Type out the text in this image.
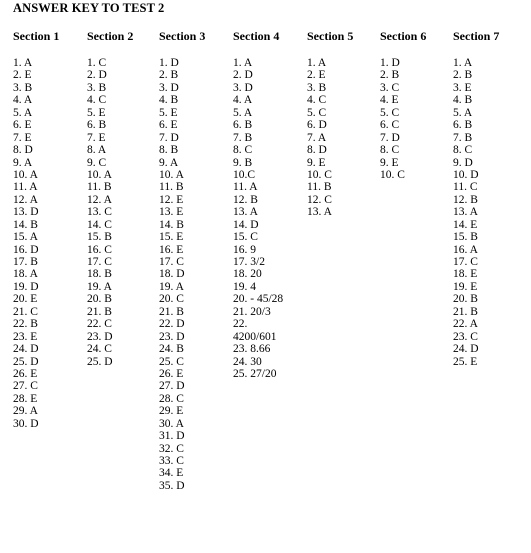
ANSWER KEY TO TEST 2
Section 1
1. A
2. E
3. B
4. A
5. A
6. E
7. E
8. D
9. A
10. A
11. A
12. A
13. D
14. B
15. A
16. D
17. B
18. A
19. D
20. E
21. C
22. B
23. E
24. D
25. D
26. E
27. C
28. E
29. A
30. D
Section 2
1. C
2. D
3. B
4. C
5. E
6. B
7. E
8. A
9. C
10. A
11. B
12. A
13. C
14. C
15. B
16. C
17. C
18. B
19. A
20. B
21. B
22. C
23. D
24. C
25. D
Section 3
1. D
2. B
3. D
4. B
5. E
6. E
7. D
8. B
9. A
10. A
11. B
12. E
13. E
14. B
15. E
16. E
17. C
18. D
19. A
20. C
21. B
22. D
23. D
24. B
25. C
26. E
27. D
28. C
29. E
30. A
31. D
32. C
33. C
34. E
35. D
Section 4
1. A
2. D
3. D
4. A
5. A
6. B
7. B
8. C
9. B
10.C
11. A
12. B
13. A
14. D
15. C
16. 9
17. 3/2
18. 20
19. 4
20. - 45/28
21. 20/3
22.
4200/601
23. 8.66
24. 30
25. 27/20
Section 5
1. A
2. E
3. B
4. C
5. C
6. D
7. A
8. D
9. E
10. C
11. B
12. C
13. A
Section 6
1. D
2. B
3. C
4. E
5. C
6. C
7. D
8. C
9. E
10. C
Section 7
1. A
2. B
3. E
4. B
5. A
6. B
7. B
8. C
9. D
10. D
11. C
12. B
13. A
14. E
15. B
16. A
17. C
18. E
19. E
20. B
21. B
22. A
23. C
24. D
25. E
